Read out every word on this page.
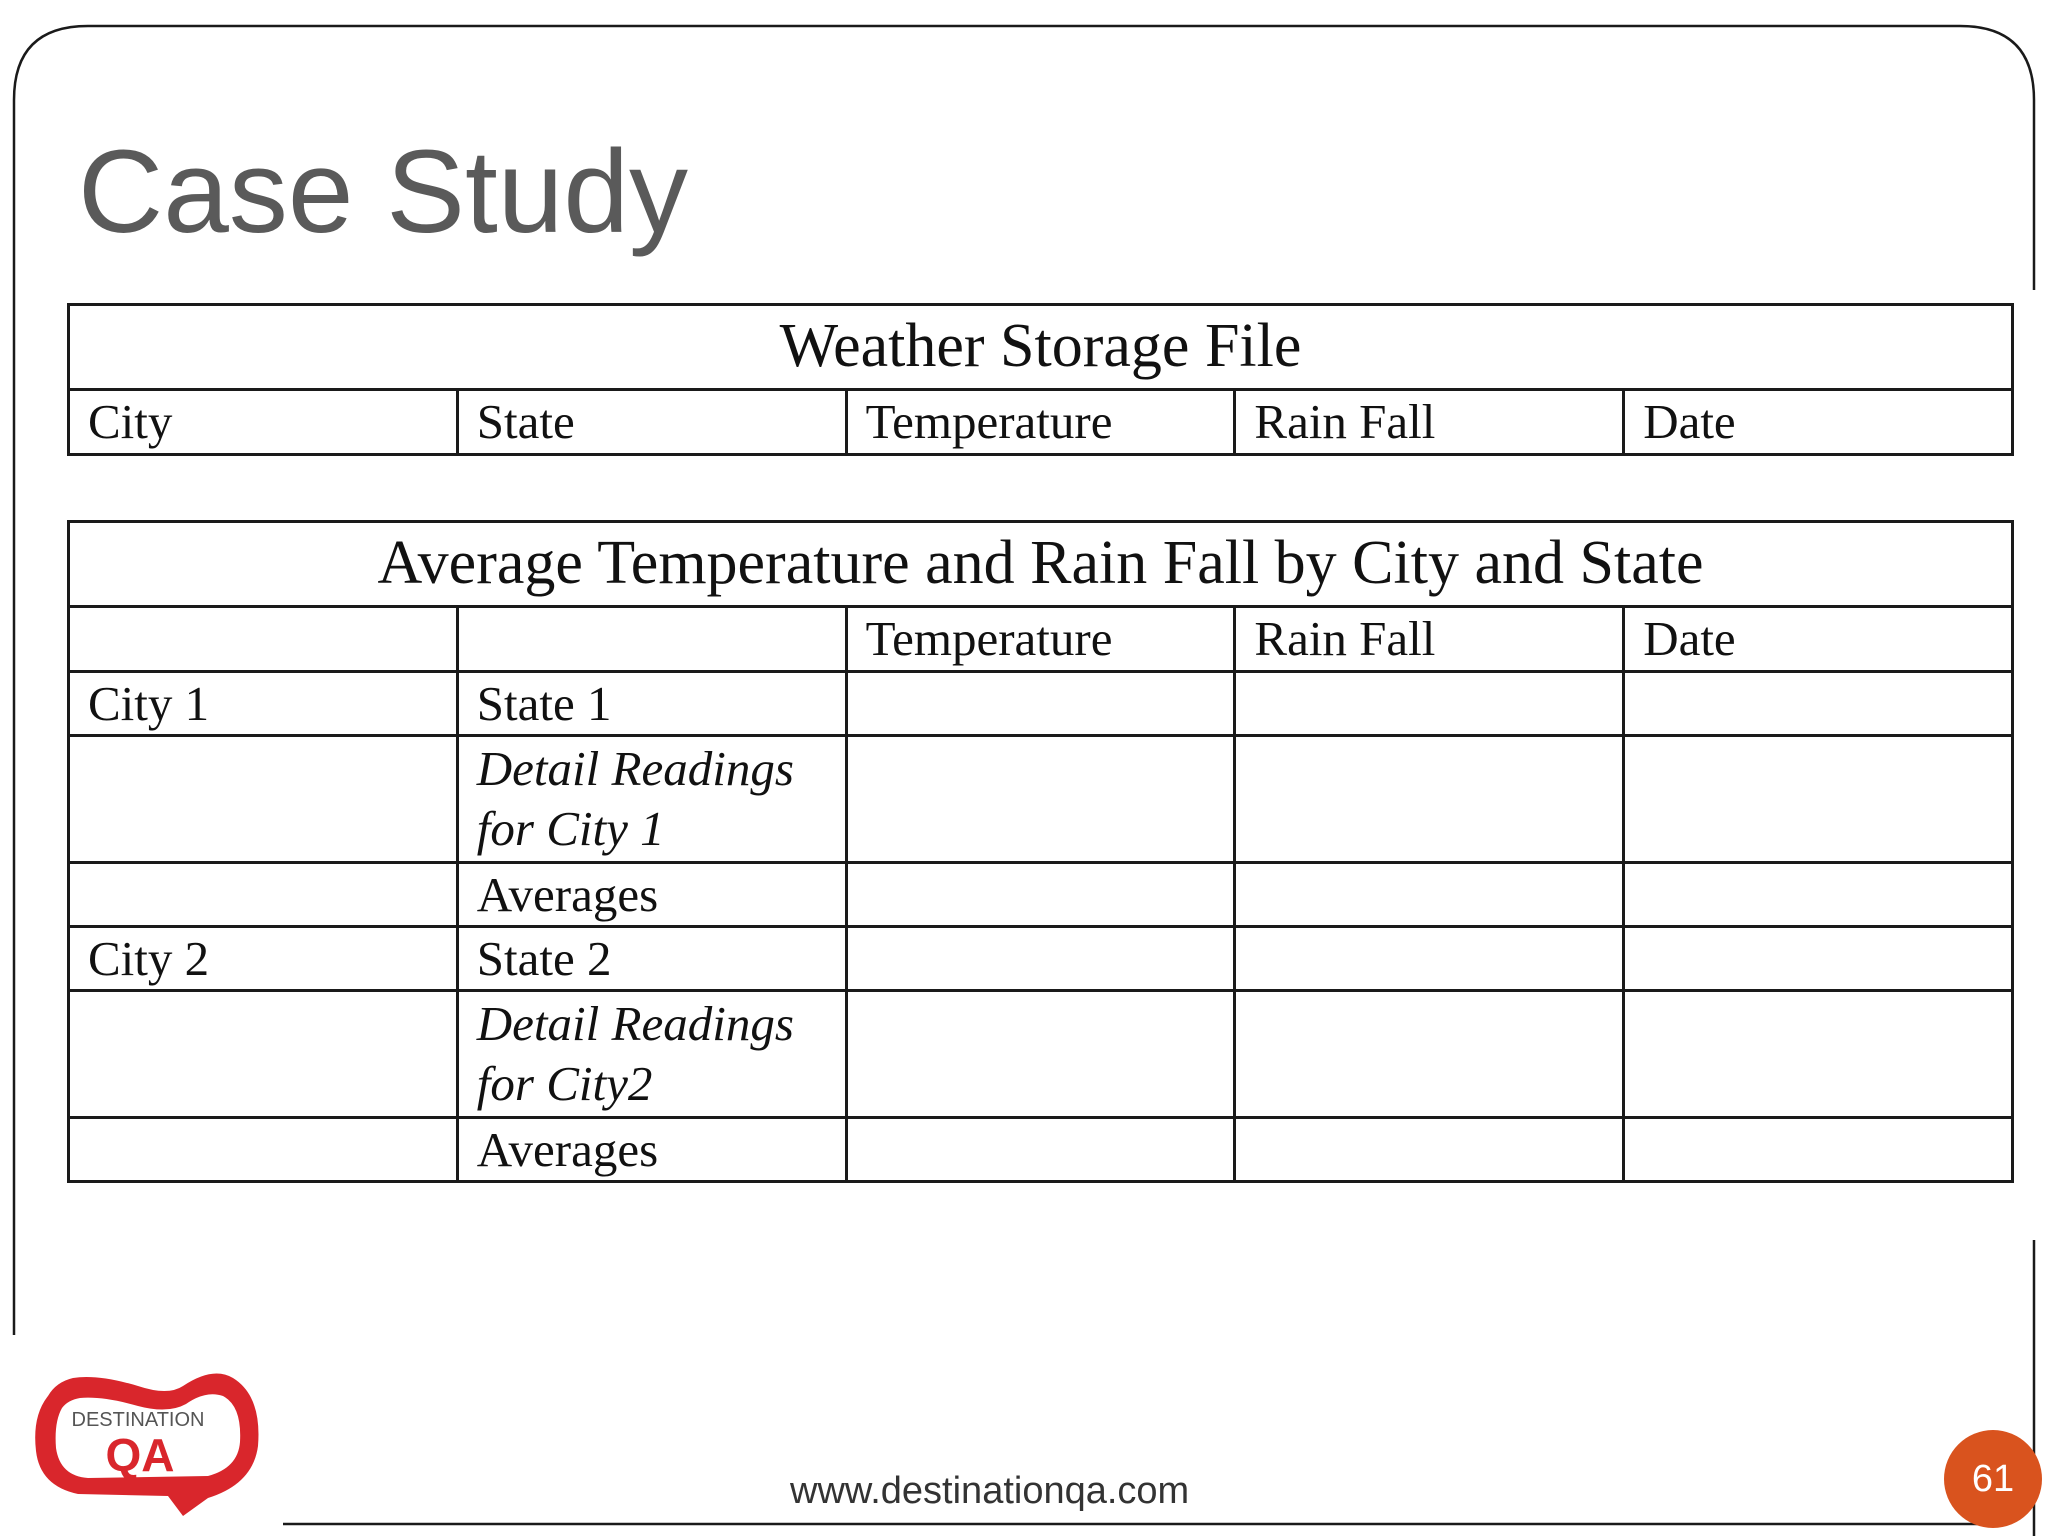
Case Study
Weather Storage File
City	State	Temperature	Rain Fall	Date
Average Temperature and Rain Fall by City and State				
		Temperature	Rain Fall	Date
City 1	State 1			
	Detail Readings
for City 1			
	Averages			
City 2	State 2			
	Detail Readings
for City2			
	Averages			
DESTINATION
QA
www.destinationqa.com	61
